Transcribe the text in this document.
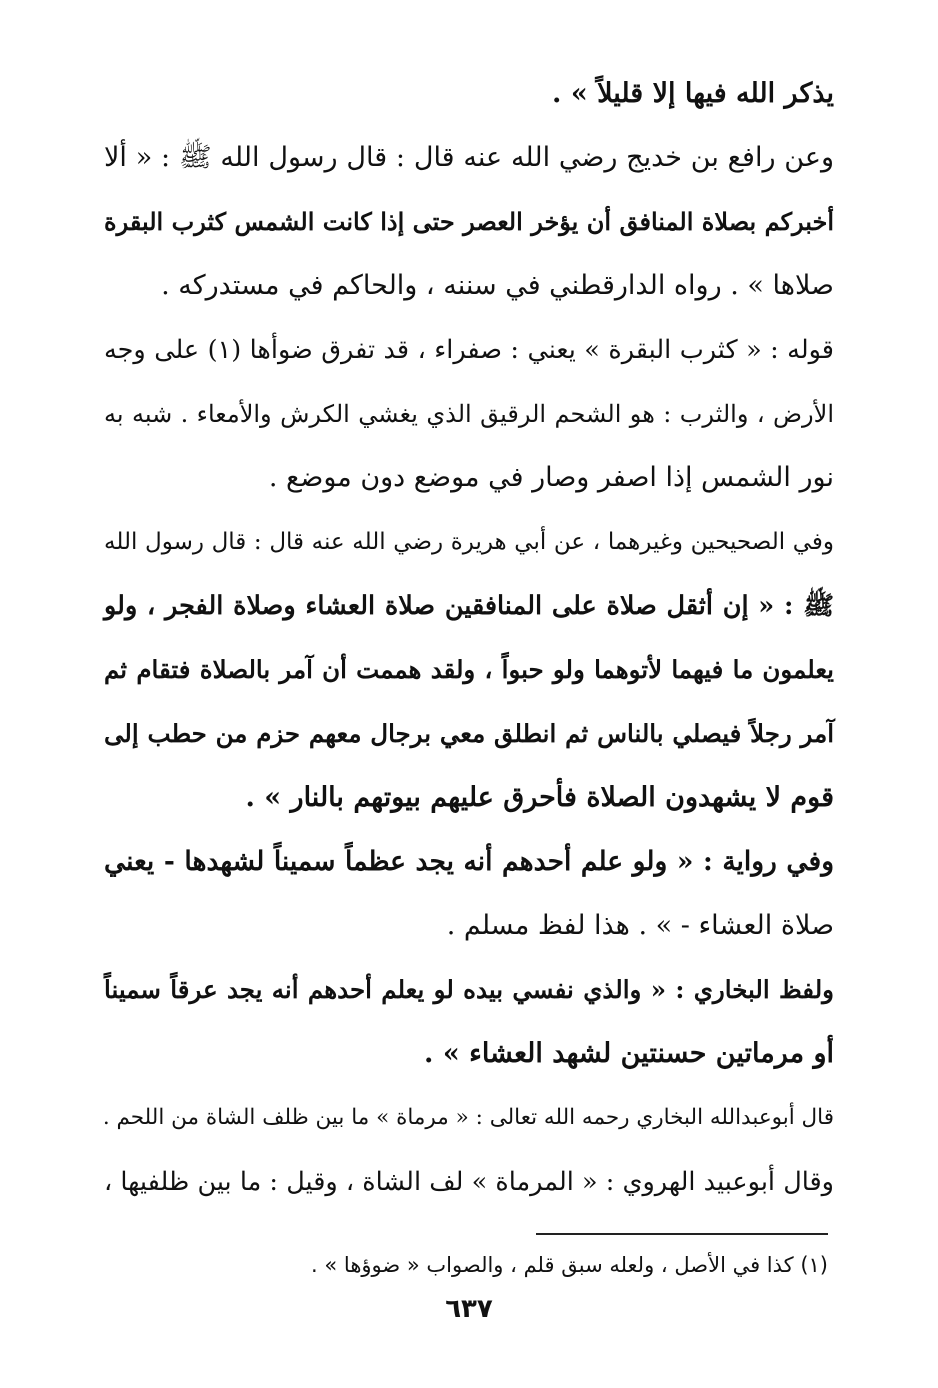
يذكر الله فيها إلا قليلاً » .
وعن رافع بن خديج رضي الله عنه قال : قال رسول الله ﷺ : « ألا
أخبركم بصلاة المنافق أن يؤخر العصر حتى إذا كانت الشمس كثرب البقرة
صلاها » . رواه الدارقطني في سننه ، والحاكم في مستدركه .
قوله : « كثرب البقرة » يعني : صفراء ، قد تفرق ضوأها (١) على وجه
الأرض ، والثرب : هو الشحم الرقيق الذي يغشي الكرش والأمعاء . شبه به
نور الشمس إذا اصفر وصار في موضع دون موضع .
وفي الصحيحين وغيرهما ، عن أبي هريرة رضي الله عنه قال : قال رسول الله
ﷺ : « إن أثقل صلاة على المنافقين صلاة العشاء وصلاة الفجر ، ولو
يعلمون ما فيهما لأتوهما ولو حبواً ، ولقد هممت أن آمر بالصلاة فتقام ثم
آمر رجلاً فيصلي بالناس ثم انطلق معي برجال معهم حزم من حطب إلى
قوم لا يشهدون الصلاة فأحرق عليهم بيوتهم بالنار » .
وفي رواية : « ولو علم أحدهم أنه يجد عظماً سميناً لشهدها - يعني
صلاة العشاء - » . هذا لفظ مسلم .
ولفظ البخاري : « والذي نفسي بيده لو يعلم أحدهم أنه يجد عرقاً سميناً
أو مرماتين حسنتين لشهد العشاء » .
قال أبوعبدالله البخاري رحمه الله تعالى : « مرماة » ما بين ظلف الشاة من اللحم .
وقال أبوعبيد الهروي : « المرماة » لف الشاة ، وقيل : ما بين ظلفيها ،
(١) كذا في الأصل ، ولعله سبق قلم ، والصواب « ضوؤها » .
٦٣٧
